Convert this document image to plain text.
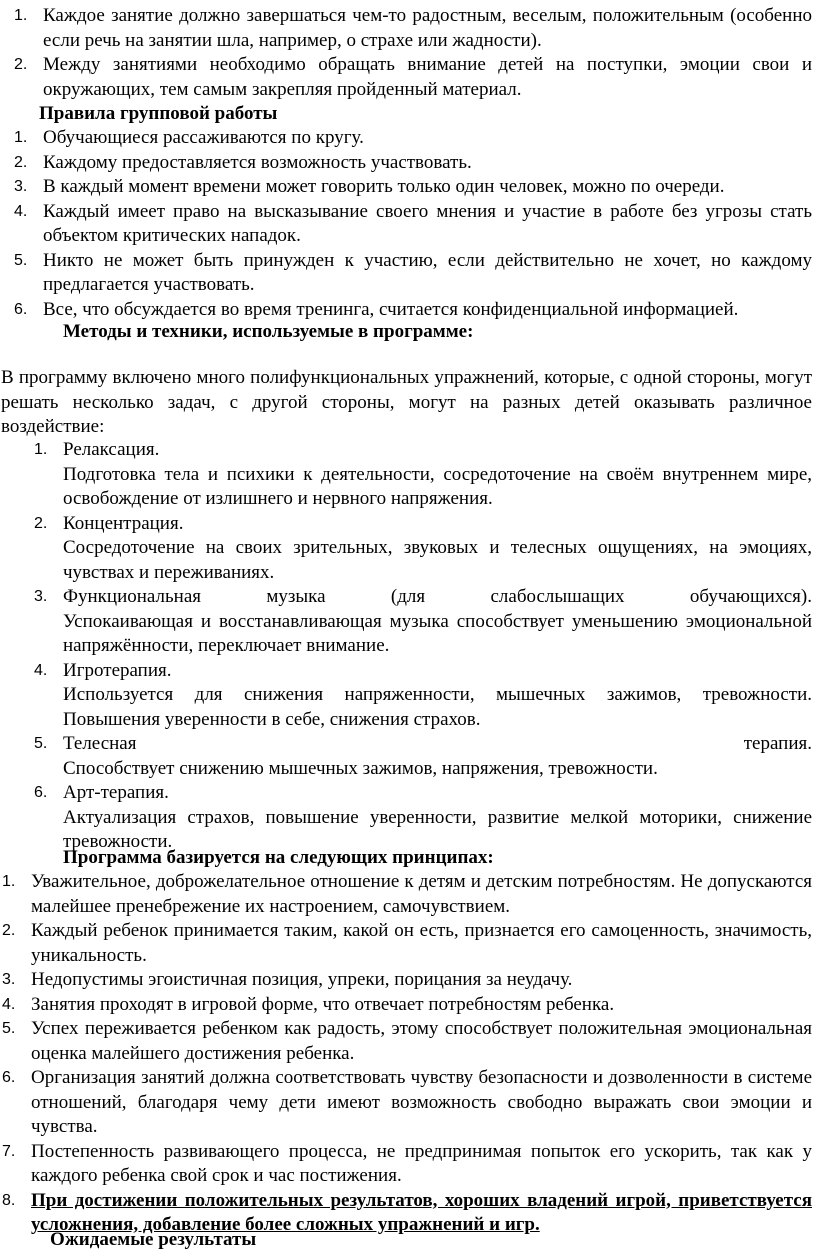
1. Каждое занятие должно завершаться чем-то радостным, веселым, положительным (особенно если речь на занятии шла, например, о страхе или жадности).
2. Между занятиями необходимо обращать внимание детей на поступки, эмоции свои и окружающих, тем самым закрепляя пройденный материал.
Правила групповой работы
1. Обучающиеся рассаживаются по кругу.
2. Каждому предоставляется возможность участвовать.
3. В каждый момент времени может говорить только один человек, можно по очереди.
4. Каждый имеет право на высказывание своего мнения и участие в работе без угрозы стать объектом критических нападок.
5. Никто не может быть принужден к участию, если действительно не хочет, но каждому предлагается участвовать.
6. Все, что обсуждается во время тренинга, считается конфиденциальной информацией.
Методы и техники, используемые в программе:

В программу включено много полифункциональных упражнений, которые, с одной стороны, могут решать несколько задач, с другой стороны, могут на разных детей оказывать различное воздействие:

1. Релаксация.
Подготовка тела и психики к деятельности, сосредоточение на своём внутреннем мире, освобождение от излишнего и нервного напряжения.
2. Концентрация.
Сосредоточение на своих зрительных, звуковых и телесных ощущениях, на эмоциях, чувствах и переживаниях.
3. Функциональная музыка (для слабослышащих обучающихся).
Успокаивающая и восстанавливающая музыка способствует уменьшению эмоциональной напряжённости, переключает внимание.
4. Игротерапия.
Используется для снижения напряженности, мышечных зажимов, тревожности. Повышения уверенности в себе, снижения страхов.
5. Телесная терапия.
Способствует снижению мышечных зажимов, напряжения, тревожности.
6. Арт-терапия.
Актуализация страхов, повышение уверенности, развитие мелкой моторики, снижение тревожности.
Программа базируется на следующих принципах:
1. Уважительное, доброжелательное отношение к детям и детским потребностям. Не допускаются малейшее пренебрежение их настроением, самочувствием.
2. Каждый ребенок принимается таким, какой он есть, признается его самоценность, значимость, уникальность.
3. Недопустимы эгоистичная позиция, упреки, порицания за неудачу.
4. Занятия проходят в игровой форме, что отвечает потребностям ребенка.
5. Успех переживается ребенком как радость, этому способствует положительная эмоциональная оценка малейшего достижения ребенка.
6. Организация занятий должна соответствовать чувству безопасности и дозволенности в системе отношений, благодаря чему дети имеют возможность свободно выражать свои эмоции и чувства.
7. Постепенность развивающего процесса, не предпринимая попыток его ускорить, так как у каждого ребенка свой срок и час постижения.
8. При достижении положительных результатов, хороших владений игрой, приветствуется усложнения, добавление более сложных упражнений и игр.
Ожидаемые результаты
